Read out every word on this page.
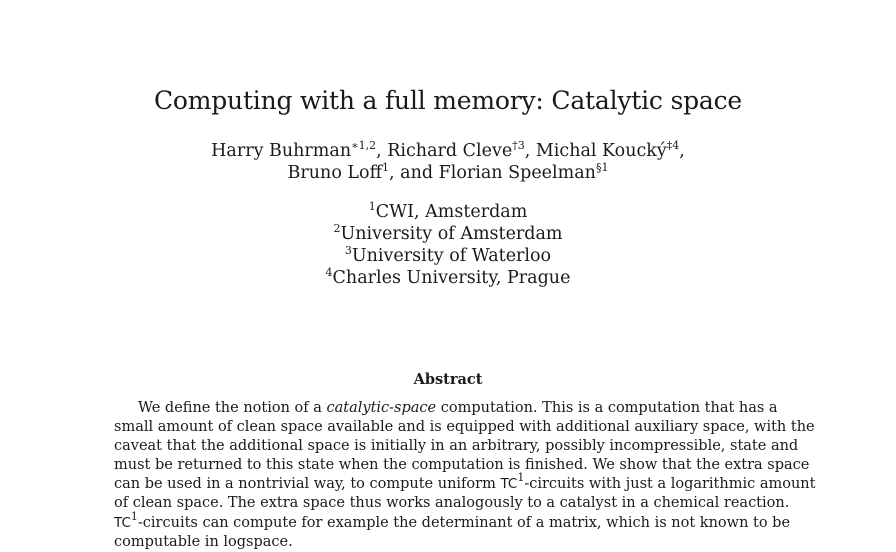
Computing with a full memory: Catalytic space
Harry Buhrman$^{∗1,2}$, Richard Cleve$^{\dagger 3}$, Michal Koucký$^{\ddagger 4}$,
Bruno Loff$^1$, and Florian Speelman$^{\S 1}$
$^1$CWI, Amsterdam
$^2$University of Amsterdam
$^3$University of Waterloo
$^4$Charles University, Prague
Abstract
We define the notion of a catalytic-space computation. This is a computation that has a
small amount of clean space available and is equipped with additional auxiliary space, with the
caveat that the additional space is initially in an arbitrary, possibly incompressible, state and
must be returned to this state when the computation is finished. We show that the extra space
can be used in a nontrivial way, to compute uniform $TC^1$-circuits with just a logarithmic amount
of clean space. The extra space thus works analogously to a catalyst in a chemical reaction.
$TC^1$-circuits can compute for example the determinant of a matrix, which is not known to be
computable in logspace.
